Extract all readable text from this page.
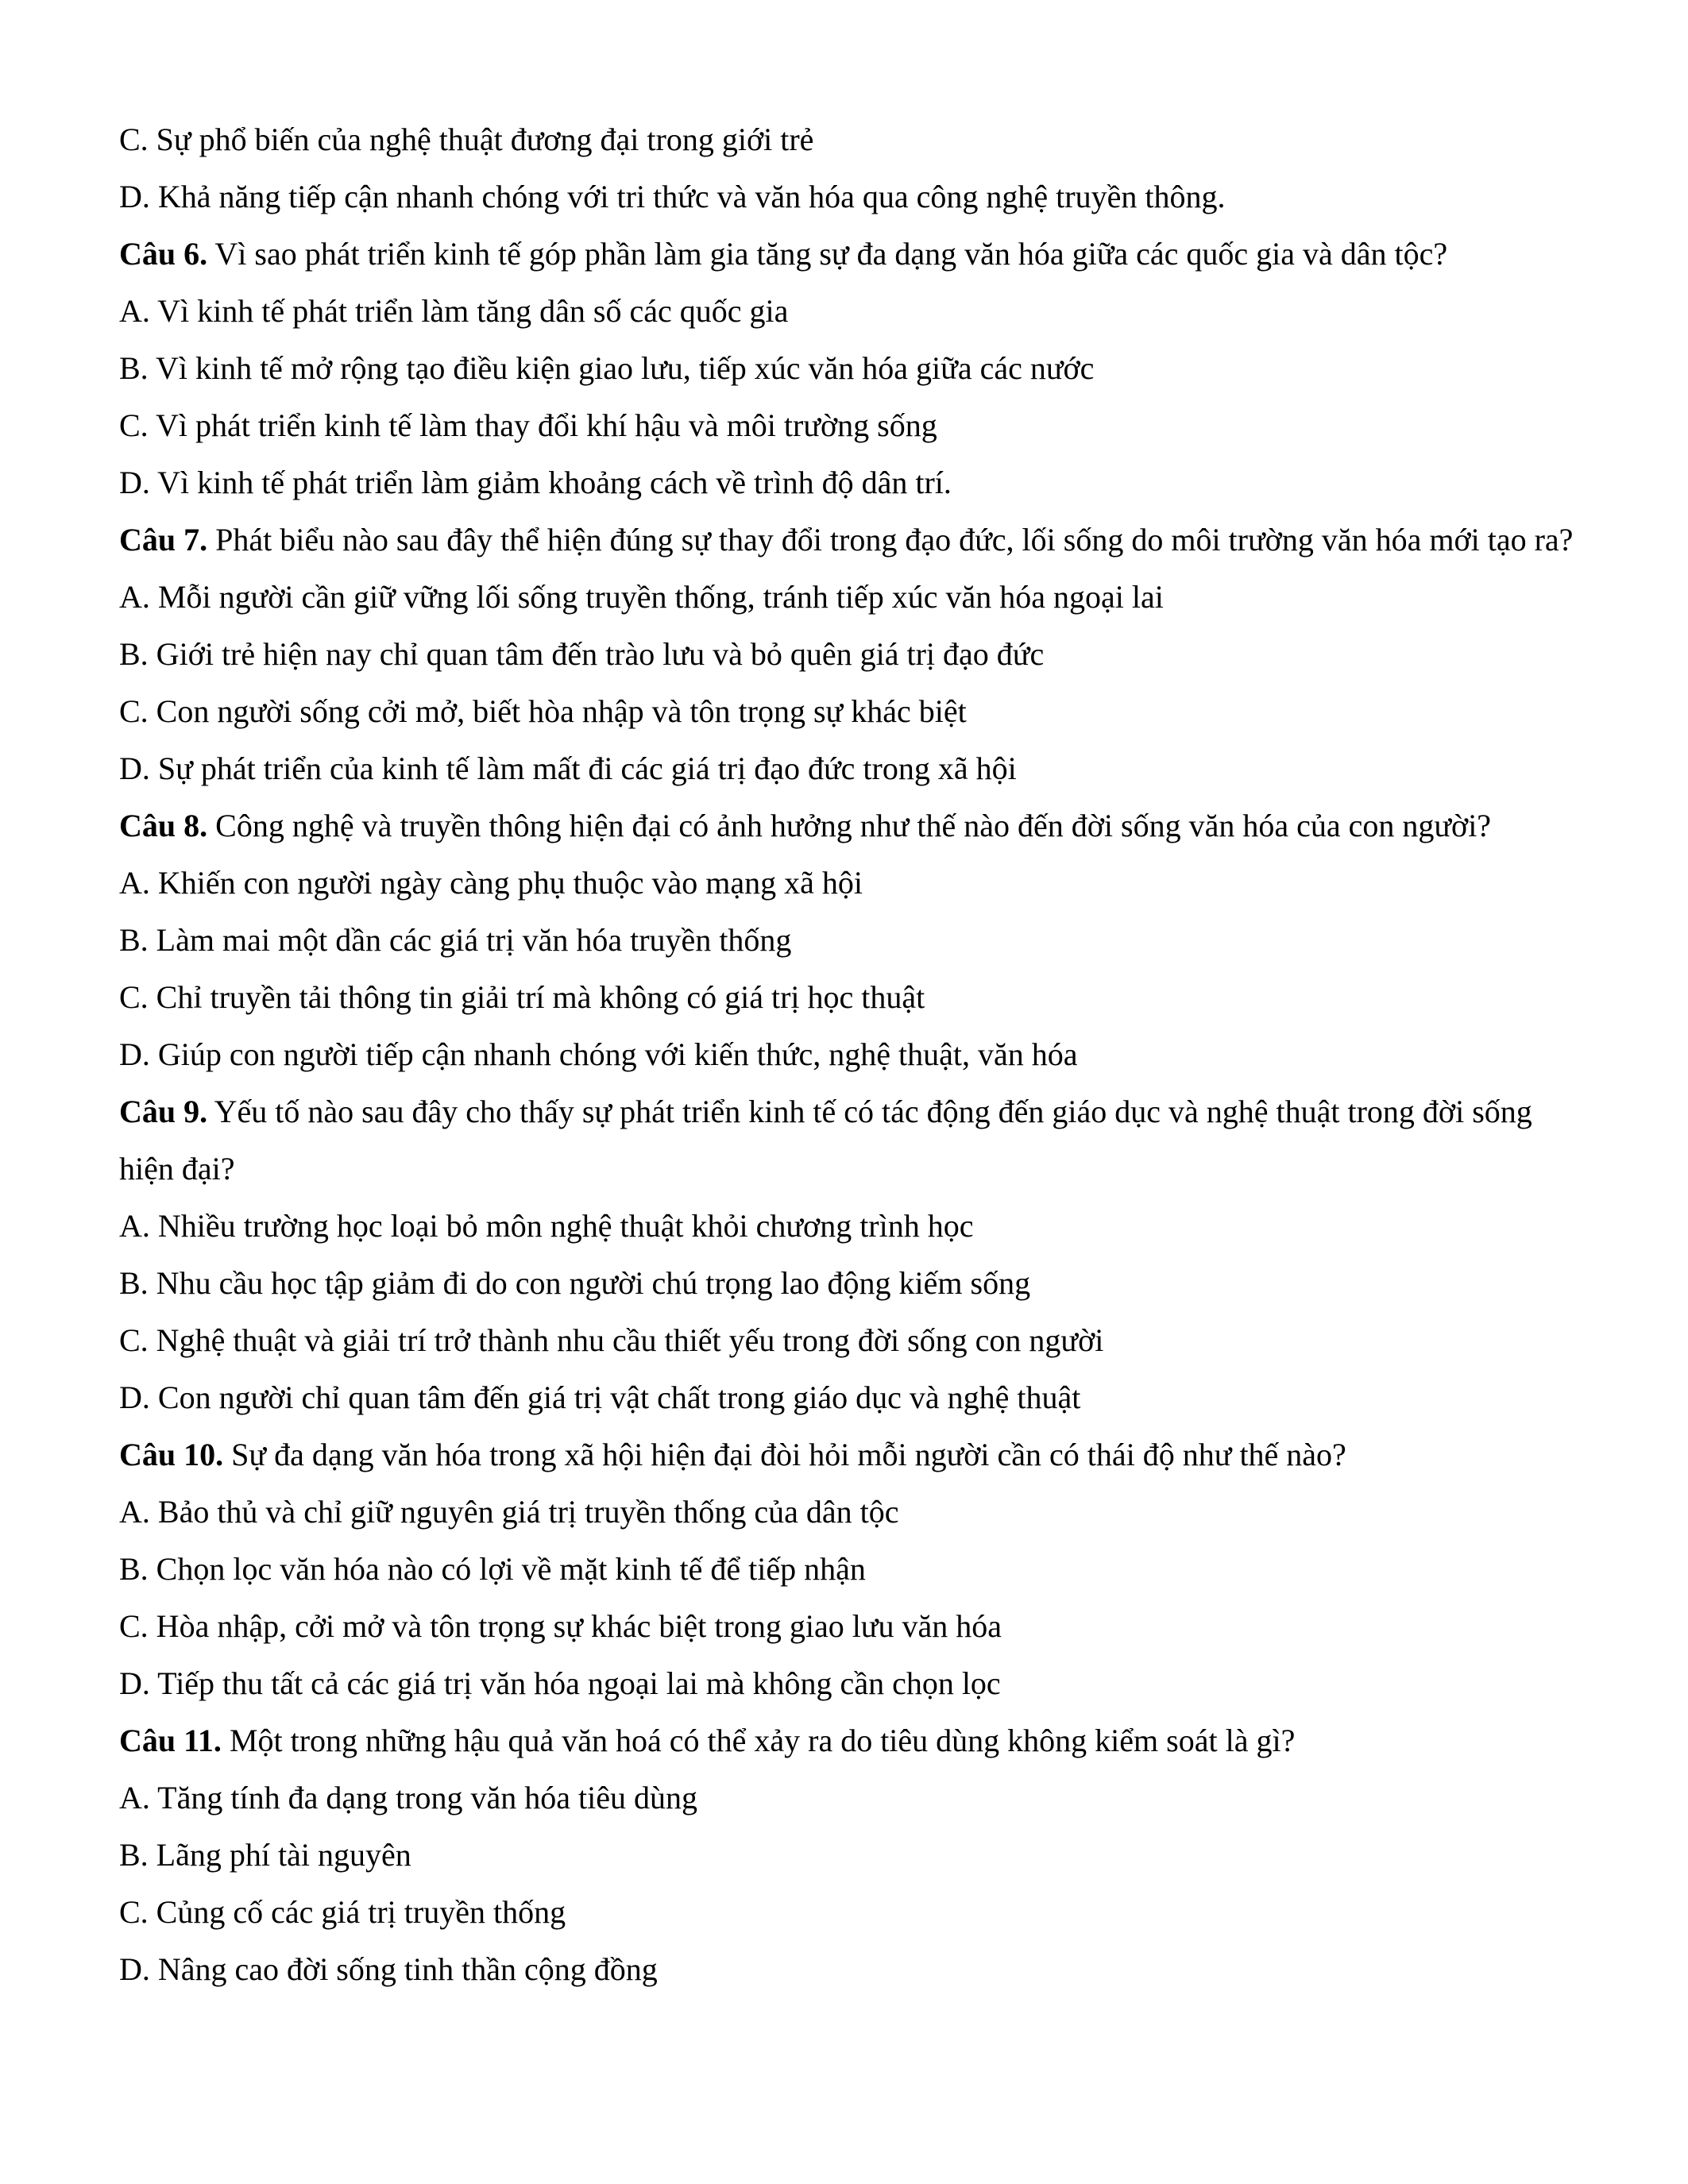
C. Sự phổ biến của nghệ thuật đương đại trong giới trẻ

D. Khả năng tiếp cận nhanh chóng với tri thức và văn hóa qua công nghệ truyền thông.

Câu 6. Vì sao phát triển kinh tế góp phần làm gia tăng sự đa dạng văn hóa giữa các quốc gia và dân tộc?

A. Vì kinh tế phát triển làm tăng dân số các quốc gia

B. Vì kinh tế mở rộng tạo điều kiện giao lưu, tiếp xúc văn hóa giữa các nước

C. Vì phát triển kinh tế làm thay đổi khí hậu và môi trường sống

D. Vì kinh tế phát triển làm giảm khoảng cách về trình độ dân trí.

Câu 7. Phát biểu nào sau đây thể hiện đúng sự thay đổi trong đạo đức, lối sống do môi trường văn hóa mới tạo ra?

A. Mỗi người cần giữ vững lối sống truyền thống, tránh tiếp xúc văn hóa ngoại lai

B. Giới trẻ hiện nay chỉ quan tâm đến trào lưu và bỏ quên giá trị đạo đức

C. Con người sống cởi mở, biết hòa nhập và tôn trọng sự khác biệt

D. Sự phát triển của kinh tế làm mất đi các giá trị đạo đức trong xã hội

Câu 8. Công nghệ và truyền thông hiện đại có ảnh hưởng như thế nào đến đời sống văn hóa của con người?

A. Khiến con người ngày càng phụ thuộc vào mạng xã hội

B. Làm mai một dần các giá trị văn hóa truyền thống

C. Chỉ truyền tải thông tin giải trí mà không có giá trị học thuật

D. Giúp con người tiếp cận nhanh chóng với kiến thức, nghệ thuật, văn hóa

Câu 9. Yếu tố nào sau đây cho thấy sự phát triển kinh tế có tác động đến giáo dục và nghệ thuật trong đời sống hiện đại?

A. Nhiều trường học loại bỏ môn nghệ thuật khỏi chương trình học

B. Nhu cầu học tập giảm đi do con người chú trọng lao động kiếm sống

C. Nghệ thuật và giải trí trở thành nhu cầu thiết yếu trong đời sống con người

D. Con người chỉ quan tâm đến giá trị vật chất trong giáo dục và nghệ thuật

Câu 10. Sự đa dạng văn hóa trong xã hội hiện đại đòi hỏi mỗi người cần có thái độ như thế nào?

A. Bảo thủ và chỉ giữ nguyên giá trị truyền thống của dân tộc

B. Chọn lọc văn hóa nào có lợi về mặt kinh tế để tiếp nhận

C. Hòa nhập, cởi mở và tôn trọng sự khác biệt trong giao lưu văn hóa

D. Tiếp thu tất cả các giá trị văn hóa ngoại lai mà không cần chọn lọc

Câu 11. Một trong những hậu quả văn hoá có thể xảy ra do tiêu dùng không kiểm soát là gì?

A. Tăng tính đa dạng trong văn hóa tiêu dùng

B. Lãng phí tài nguyên

C. Củng cố các giá trị truyền thống

D. Nâng cao đời sống tinh thần cộng đồng
